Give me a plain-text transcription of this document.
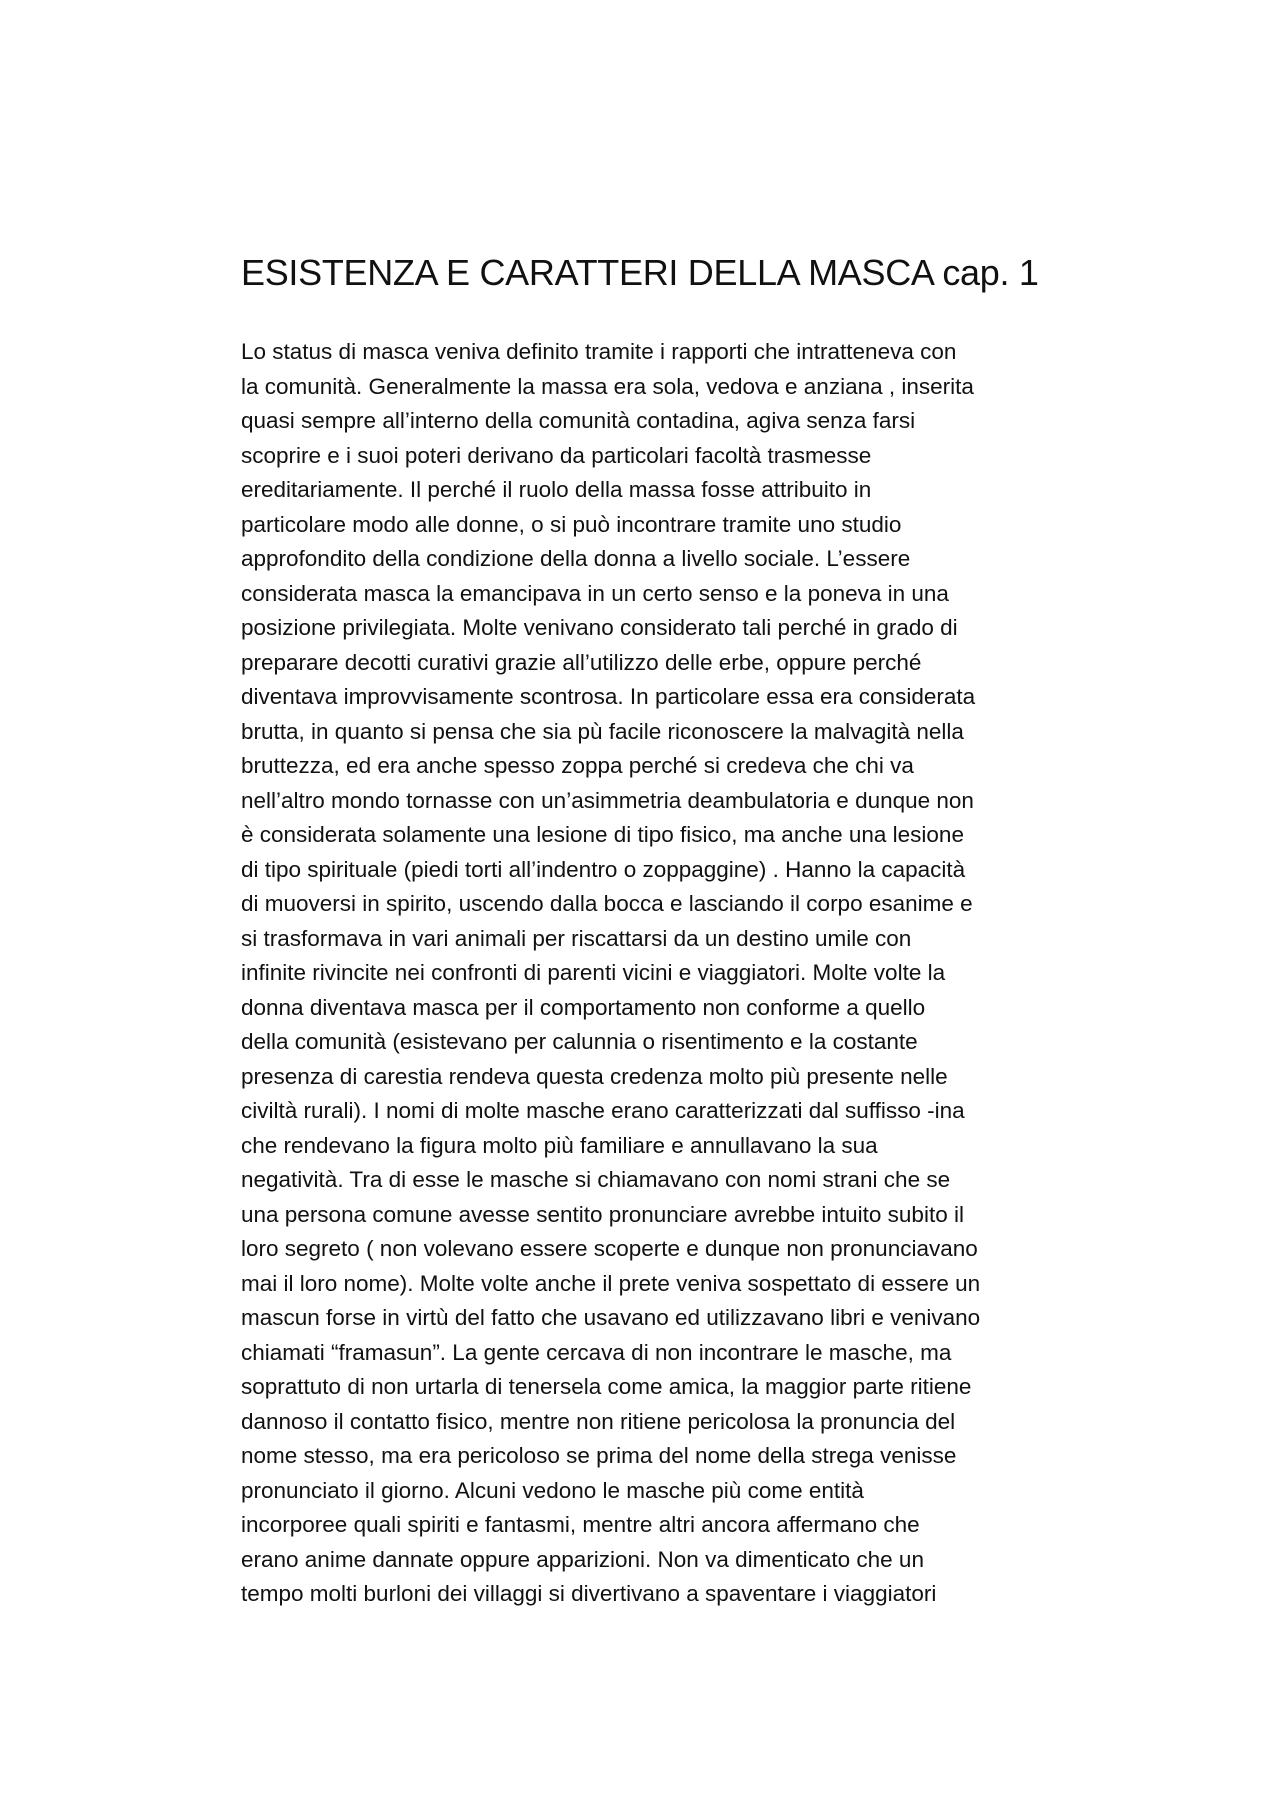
ESISTENZA E CARATTERI DELLA MASCA cap. 1
Lo status di masca veniva definito tramite i rapporti che intratteneva con
la comunità. Generalmente la massa era sola, vedova e anziana , inserita
quasi sempre all’interno della comunità contadina, agiva senza farsi
scoprire e i suoi poteri derivano da particolari facoltà trasmesse
ereditariamente. Il perché il ruolo della massa fosse attribuito in
particolare modo alle donne, o si può incontrare tramite uno studio
approfondito della condizione della donna a livello sociale. L’essere
considerata masca la emancipava in un certo senso e la poneva in una
posizione privilegiata. Molte venivano considerato tali perché in grado di
preparare decotti curativi grazie all’utilizzo delle erbe, oppure perché
diventava improvvisamente scontrosa. In particolare essa era considerata
brutta, in quanto si pensa che sia pù facile riconoscere la malvagità nella
bruttezza, ed era anche spesso zoppa perché si credeva che chi va
nell’altro mondo tornasse con un’asimmetria deambulatoria e dunque non
è considerata solamente una lesione di tipo fisico, ma anche una lesione
di tipo spirituale (piedi torti all’indentro o zoppaggine) . Hanno la capacità
di muoversi in spirito, uscendo dalla bocca e lasciando il corpo esanime e
si trasformava in vari animali per riscattarsi da un destino umile con
infinite rivincite nei confronti di parenti vicini e viaggiatori. Molte volte la
donna diventava masca per il comportamento non conforme a quello
della comunità (esistevano per calunnia o risentimento e la costante
presenza di carestia rendeva questa credenza molto più presente nelle
civiltà rurali). I nomi di molte masche erano caratterizzati dal suffisso -ina
che rendevano la figura molto più familiare e annullavano la sua
negatività. Tra di esse le masche si chiamavano con nomi strani che se
una persona comune avesse sentito pronunciare avrebbe intuito subito il
loro segreto ( non volevano essere scoperte e dunque non pronunciavano
mai il loro nome). Molte volte anche il prete veniva sospettato di essere un
mascun forse in virtù del fatto che usavano ed utilizzavano libri e venivano
chiamati “framasun”. La gente cercava di non incontrare le masche, ma
soprattuto di non urtarla di tenersela come amica, la maggior parte ritiene
dannoso il contatto fisico, mentre non ritiene pericolosa la pronuncia del
nome stesso, ma era pericoloso se prima del nome della strega venisse
pronunciato il giorno. Alcuni vedono le masche più come entità
incorporee quali spiriti e fantasmi, mentre altri ancora affermano che
erano anime dannate oppure apparizioni. Non va dimenticato che un
tempo molti burloni dei villaggi si divertivano a spaventare i viaggiatori
